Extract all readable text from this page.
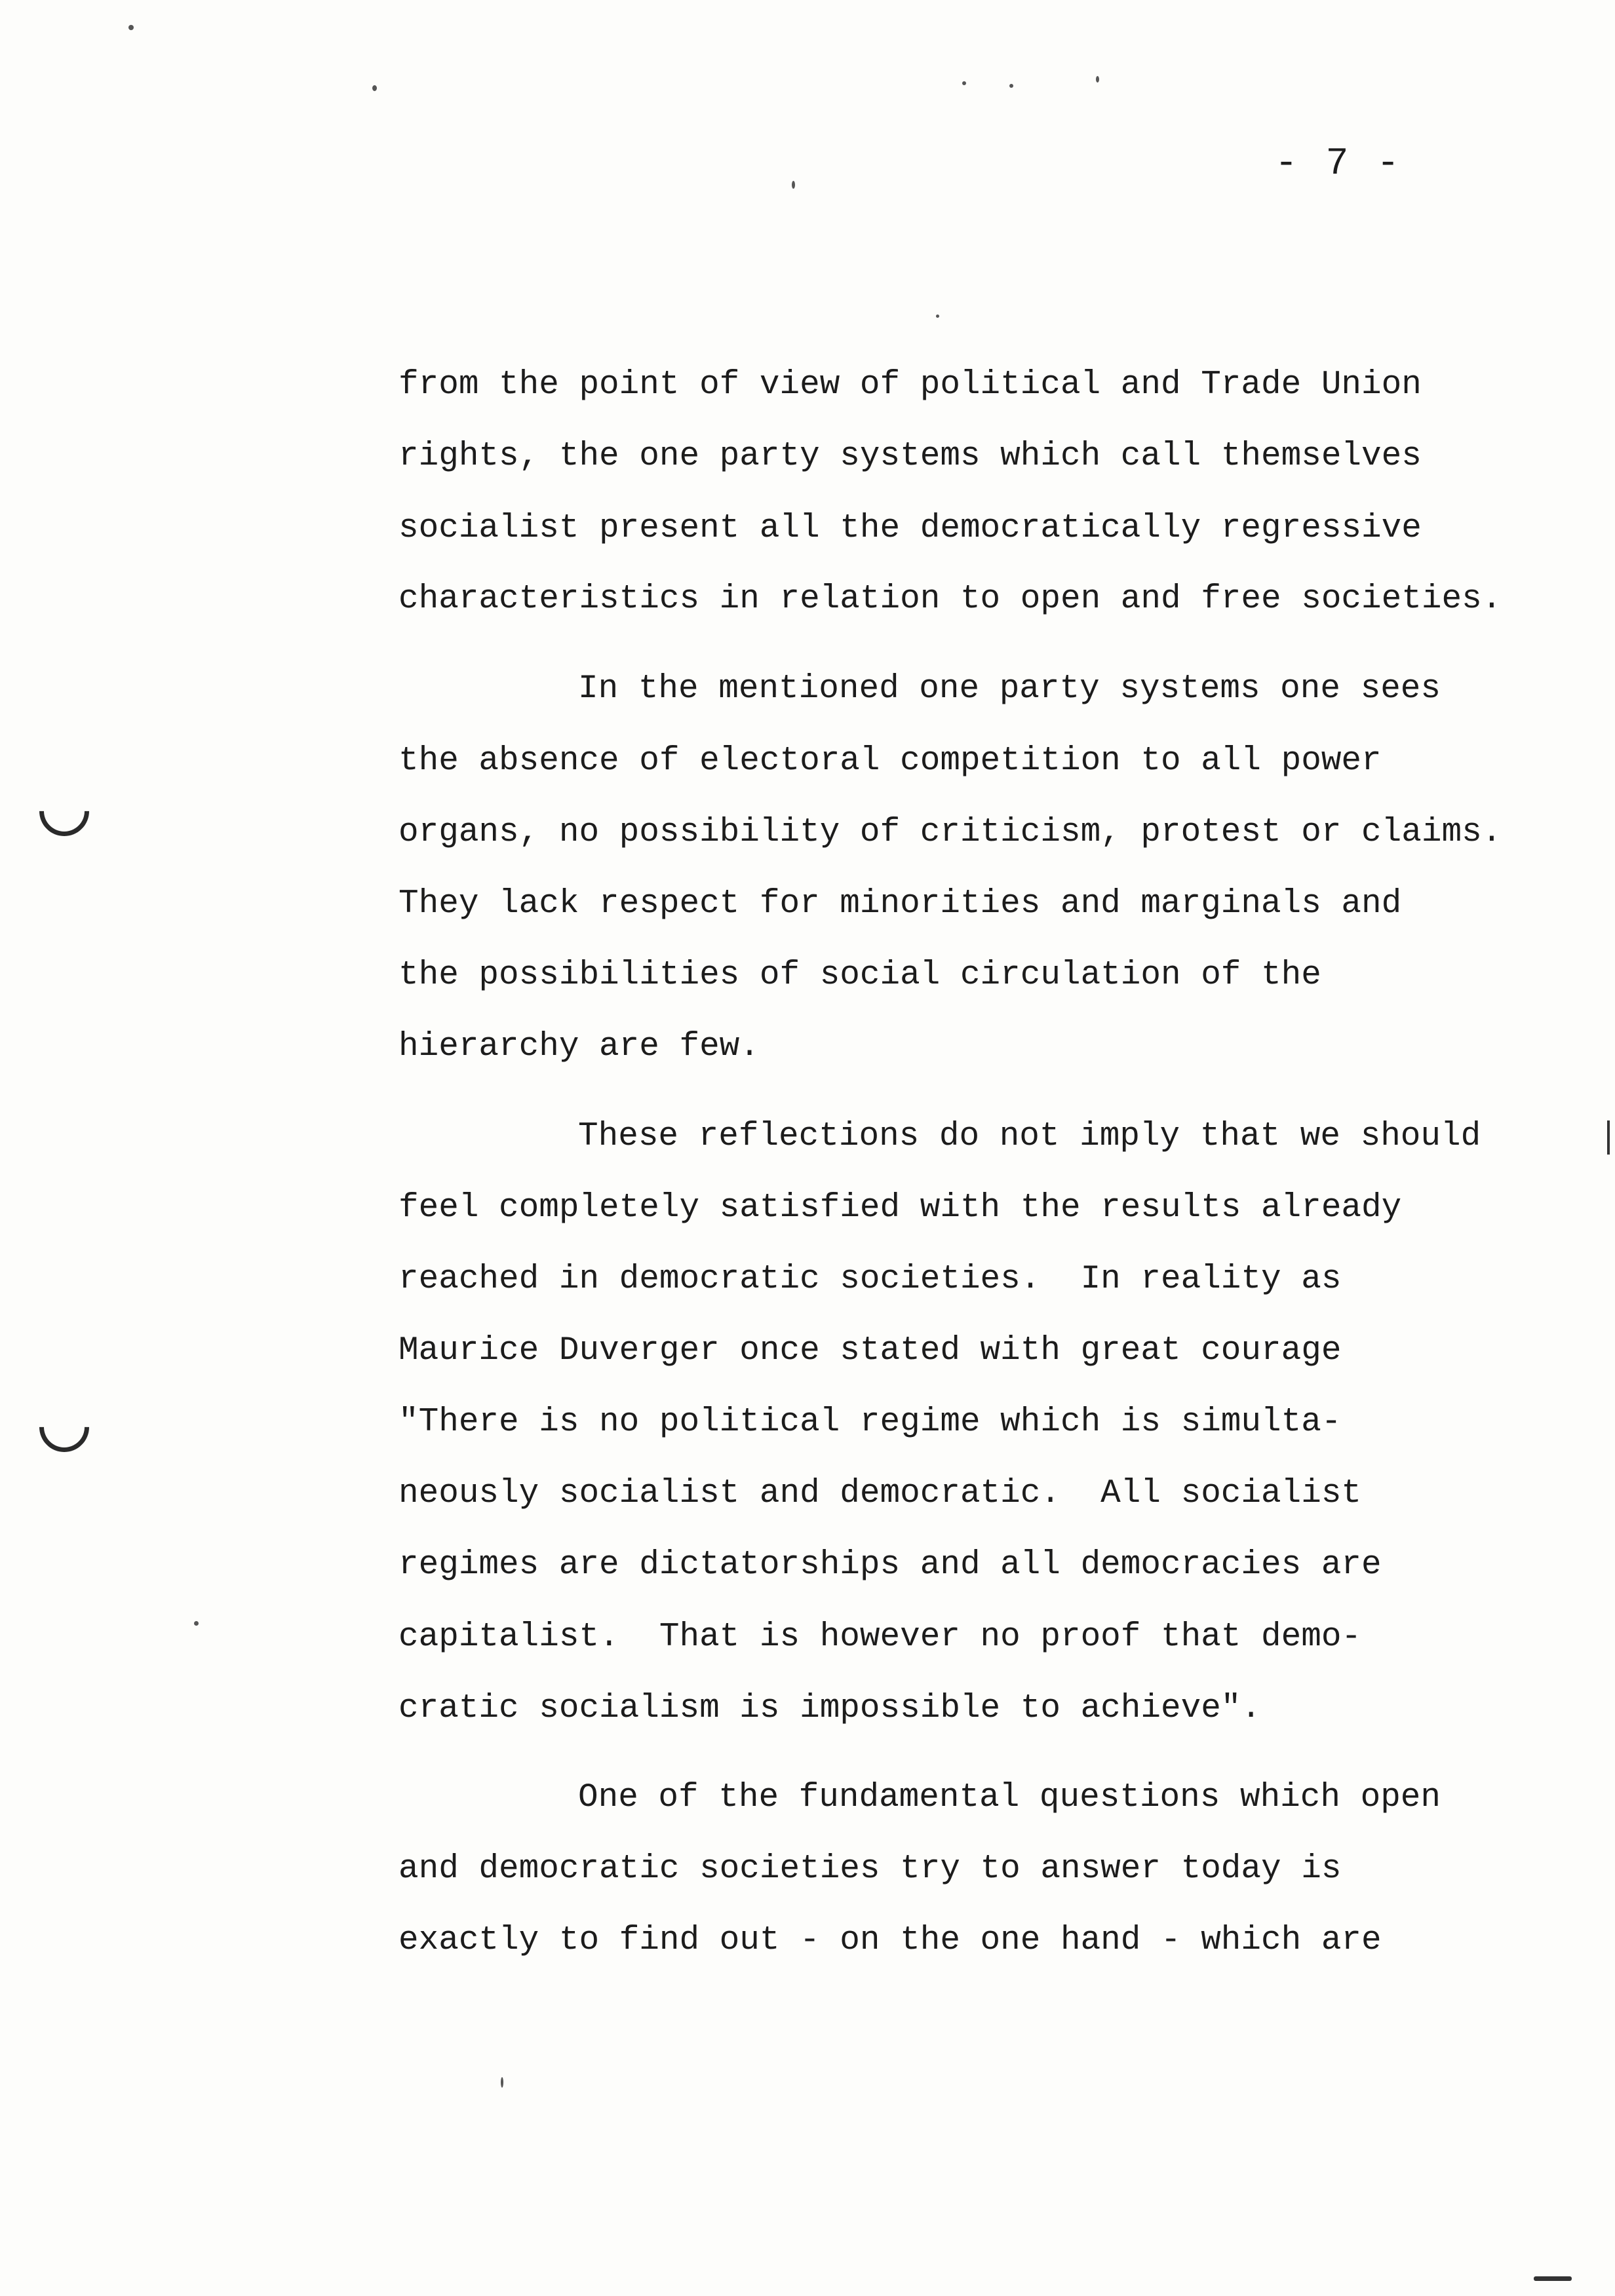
- 7 -
from the point of view of political and Trade Union
rights, the one party systems which call themselves
socialist present all the democratically regressive
characteristics in relation to open and free societies.
In the mentioned one party systems one sees
the absence of electoral competition to all power
organs, no possibility of criticism, protest or claims.
They lack respect for minorities and marginals and
the possibilities of social circulation of the
hierarchy are few.
These reflections do not imply that we should
feel completely satisfied with the results already
reached in democratic societies.  In reality as
Maurice Duverger once stated with great courage
"There is no political regime which is simulta-
neously socialist and democratic.  All socialist
regimes are dictatorships and all democracies are
capitalist.  That is however no proof that demo-
cratic socialism is impossible to achieve".
One of the fundamental questions which open
and democratic societies try to answer today is
exactly to find out - on the one hand - which are
